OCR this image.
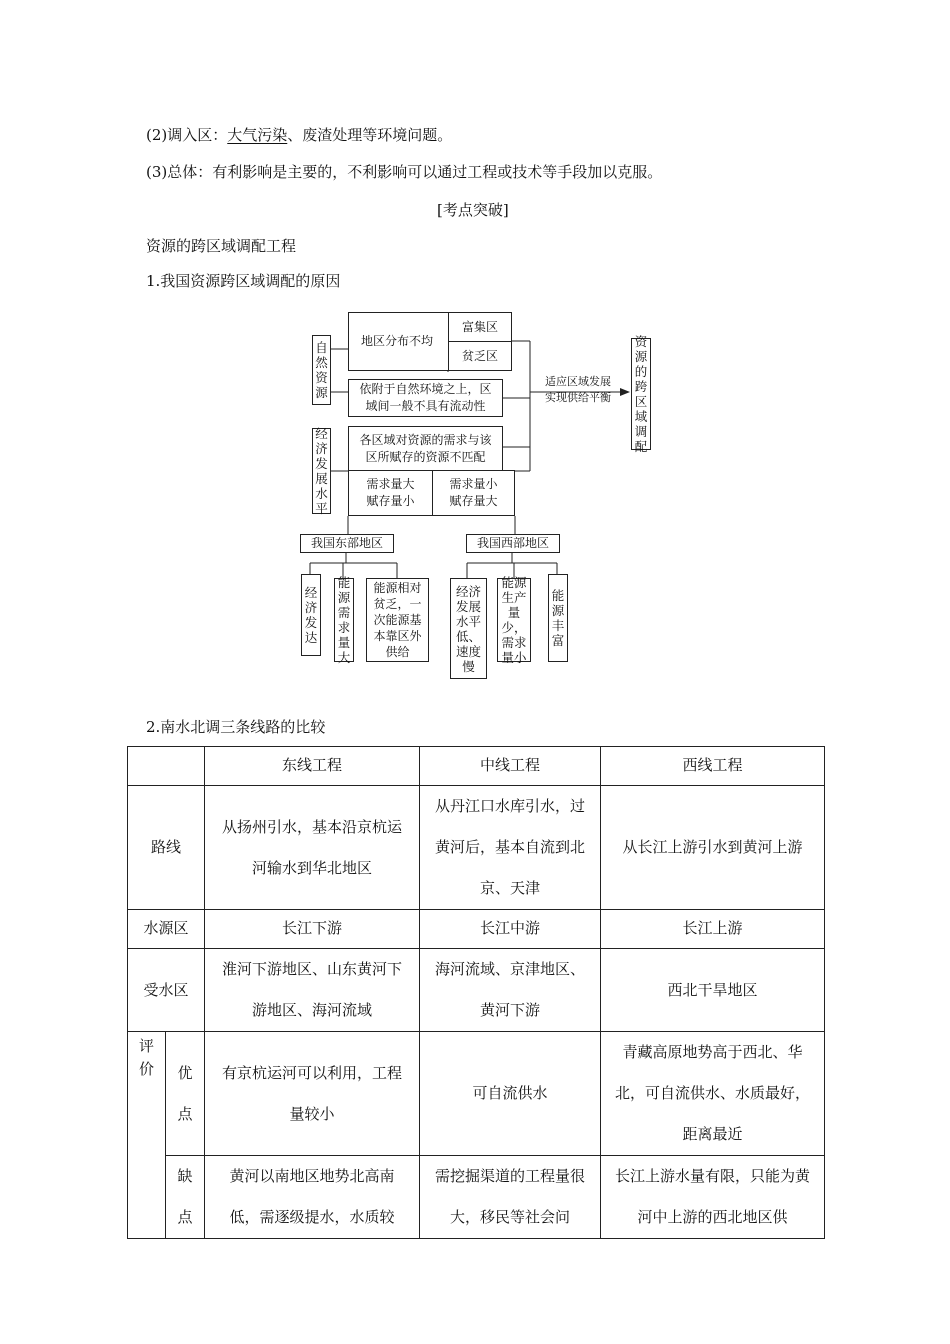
(2)调入区：大气污染、废渣处理等环境问题。
(3)总体：有利影响是主要的，不利影响可以通过工程或技术等手段加以克服。
[考点突破]
资源的跨区域调配工程
1.我国资源跨区域调配的原因
自然资源
地区分布不均
富集区
贫乏区
依附于自然环境之上，区
域间一般不具有流动性
经济发展水平
各区域对资源的需求与该
区所赋存的资源不匹配
需求量大
赋存量小
需求量小
赋存量大
适应区域发展
实现供给平衡
资源的跨区域调配
我国东部地区	我国西部地区
经济发达
能源需求量大
能源相对贫乏，一次能源基本靠区外供给
经济发展水平低、速度慢
能源生产量少，需求量小
能源丰富
2.南水北调三条线路的比较
		东线工程	中线工程	西线工程
路线		从扬州引水，基本沿京杭运河输水到华北地区	从丹江口水库引水，过黄河后，基本自流到北京、天津	从长江上游引水到黄河上游
水源区		长江下游	长江中游	长江上游
受水区		淮河下游地区、山东黄河下游地区、海河流域	海河流域、京津地区、黄河下游	西北干旱地区
评价	优点	有京杭运河可以利用，工程量较小	可自流供水	青藏高原地势高于西北、华北，可自流供水、水质最好，距离最近
	缺点	黄河以南地区地势北高南低，需逐级提水，水质较	需挖掘渠道的工程量很大，移民等社会问	长江上游水量有限，只能为黄河中上游的西北地区供
